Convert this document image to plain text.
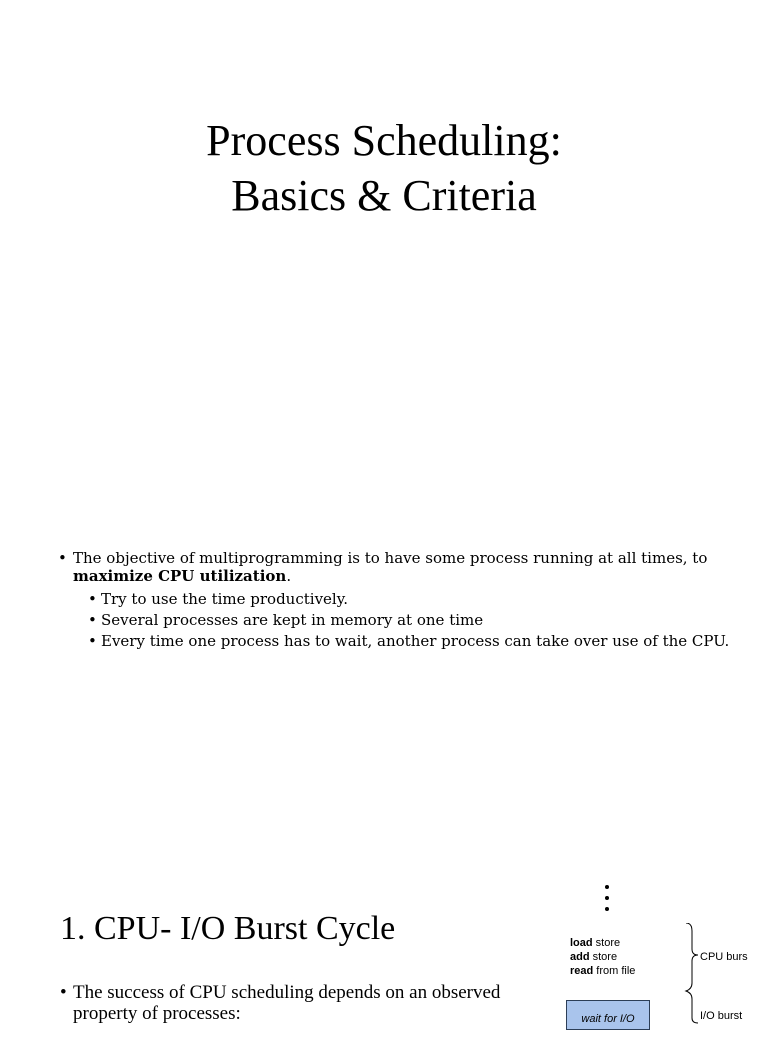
Process Scheduling:
Basics & Criteria
• The objective of multiprogramming is to have some process running at all times, to
maximize CPU utilization.
• Try to use the time productively.
• Several processes are kept in memory at one time
• Every time one process has to wait, another process can take over use of the CPU.
1. CPU- I/O Burst Cycle
• The success of CPU scheduling depends on an observed property of processes:
load store
add store
read from file
CPU burs
I/O burst
wait for I/O
